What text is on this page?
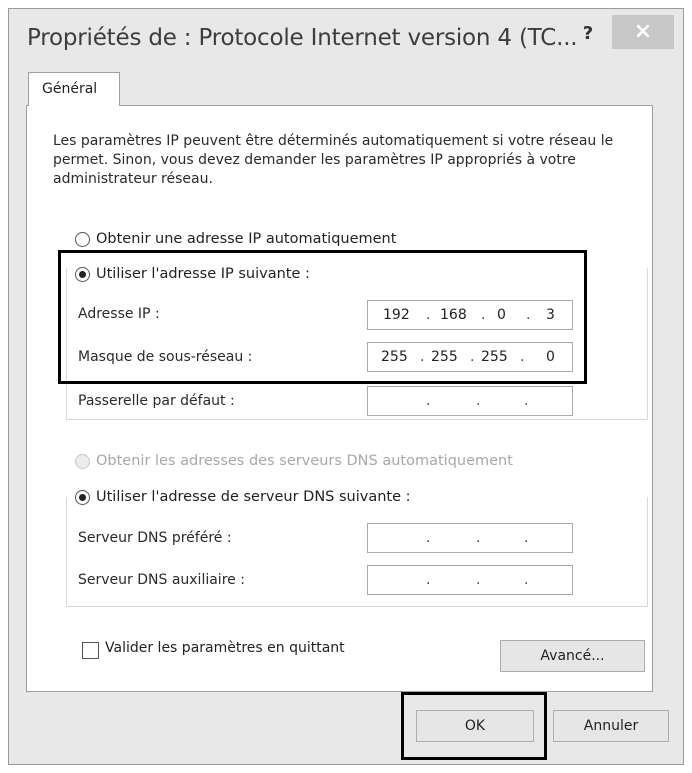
Propriétés de : Protocole Internet version 4 (TC... ?	×
Général
Les paramètres IP peuvent être déterminés automatiquement si votre réseau le permet. Sinon, vous devez demander les paramètres IP appropriés à votre administrateur réseau.
Obtenir une adresse IP automatiquement
Utiliser l'adresse IP suivante :
Adresse IP :	192 . 168 . 0 . 3
Masque de sous-réseau :	255 . 255 . 255 . 0
Passerelle par défaut :	.	.	.
Obtenir les adresses des serveurs DNS automatiquement
Utiliser l'adresse de serveur DNS suivante :
Serveur DNS préféré :	.	.	.
Serveur DNS auxiliaire :	.	.	.
Valider les paramètres en quittant	Avancé...
OK	Annuler
